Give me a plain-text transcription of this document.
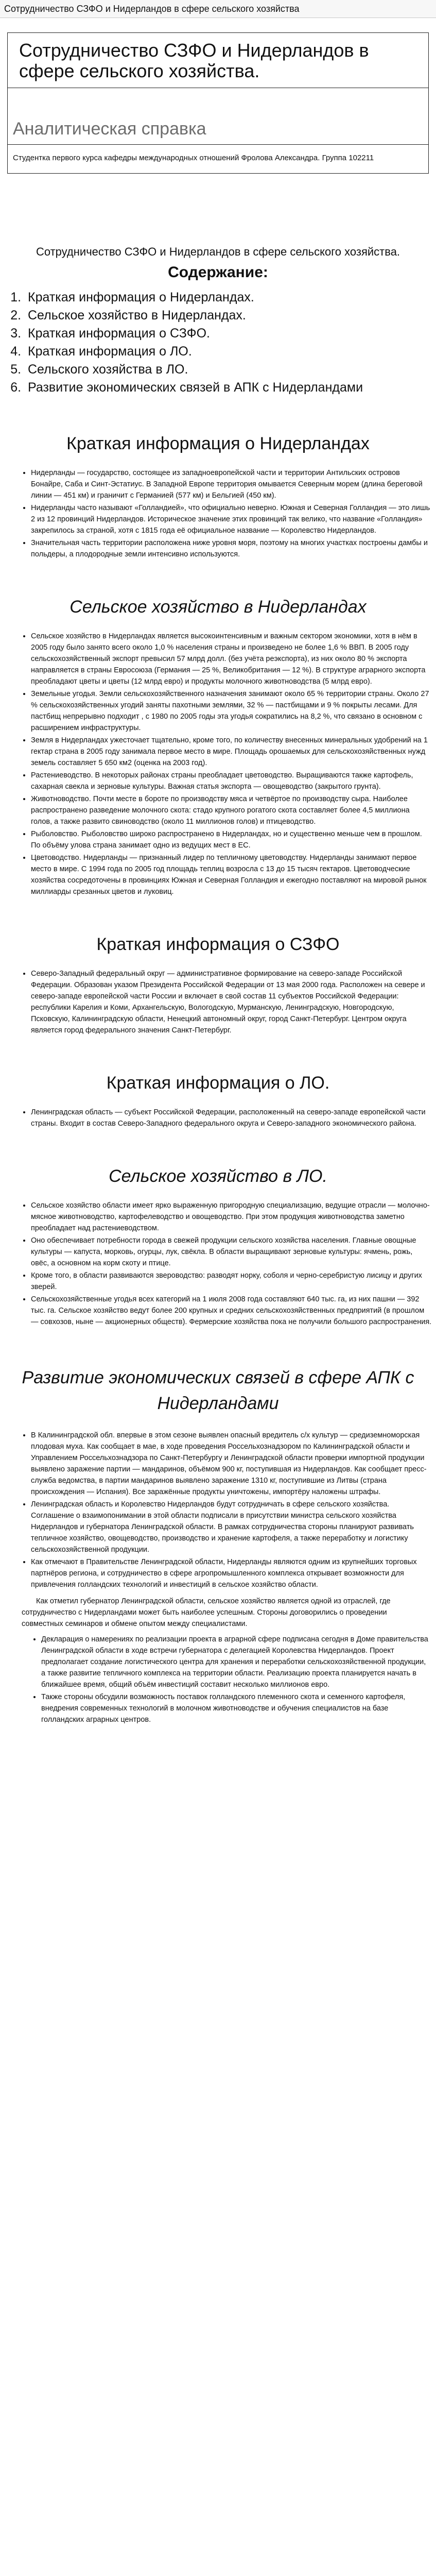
Сотрудничество СЗФО и Нидерландов в сфере сельского хозяйства
Сотрудничество СЗФО и Нидерландов в сфере сельского хозяйства.
Аналитическая справка
Студентка первого курса кафедры международных отношений Фролова Александра. Группа 102211
Сотрудничество СЗФО и Нидерландов в сфере сельского хозяйства.
Содержание:
1. Краткая информация о Нидерландах.
2. Сельское хозяйство в Нидерландах.
3. Краткая информация о СЗФО.
4. Краткая информация о ЛО.
5. Сельского хозяйства в ЛО.
6. Развитие экономических связей в АПК с Нидерландами
Краткая информация о Нидерландах
• Нидерланды — государство, состоящее из западноевропейской части и территории Антильских островов Бонайре, Саба и Синт-Эстатиус. В Западной Европе территория омывается Северным морем (длина береговой линии — 451 км) и граничит с Германией (577 км) и Бельгией (450 км).
• Нидерланды часто называют «Голландией», что официально неверно. Южная и Северная Голландия — это лишь 2 из 12 провинций Нидерландов. Историческое значение этих провинций так велико, что название «Голландия» закрепилось за страной, хотя с 1815 года её официальное название — Королевство Нидерландов.
• Значительная часть территории расположена ниже уровня моря, поэтому на многих участках построены дамбы и польдеры, а плодородные земли интенсивно используются.
Сельское хозяйство в Нидерландах
• Сельское хозяйство в Нидерландах является высокоинтенсивным и важным сектором экономики, хотя в нём в 2005 году было занято всего около 1,0 % населения страны и произведено не более 1,6 % ВВП. В 2005 году сельскохозяйственный экспорт превысил 57 млрд долл. (без учёта реэкспорта), из них около 80 % экспорта направляется в страны Евросоюза (Германия — 25 %, Великобритания — 12 %). В структуре аграрного экспорта преобладают цветы и цветы (12 млрд евро) и продукты молочного животноводства (5 млрд евро).
• Земельные угодья. Земли сельскохозяйственного назначения занимают около 65 % территории страны. Около 27 % сельскохозяйственных угодий заняты пахотными землями, 32 % — пастбищами и 9 % покрыты лесами. Для пастбищ непрерывно подходит , с 1980 по 2005 годы эта угодья сократились на 8,2 %, что связано в основном с расширением инфраструктуры.
• Земля в Нидерландах ужесточает тщательно, кроме того, по количеству внесенных минеральных удобрений на 1 гектар страна в 2005 году занимала первое место в мире. Площадь орошаемых для сельскохозяйственных нужд земель составляет 5 650 км2 (оценка на 2003 год).
• Растениеводство. В некоторых районах страны преобладает цветоводство. Выращиваются также картофель, сахарная свекла и зерновые культуры. Важная статья экспорта — овощеводство (закрытого грунта).
• Животноводство. Почти месте в бороте по производству мяса и четвёртое по производству сыра. Наиболее распространено разведение молочного скота: стадо крупного рогатого скота составляет более 4,5 миллиона голов, а также развито свиноводство (около 11 миллионов голов) и птицеводство.
• Рыболовство. Рыболовство широко распространено в Нидерландах, но и существенно меньше чем в прошлом. По объёму улова страна занимает одно из ведущих мест в ЕС.
• Цветоводство. Нидерланды — признанный лидер по тепличному цветоводству. Нидерланды занимают первое место в мире. С 1994 года по 2005 год площадь теплиц возросла с 13 до 15 тысяч гектаров. Цветоводческие хозяйства сосредоточены в провинциях Южная и Северная Голландия и ежегодно поставляют на мировой рынок миллиарды срезанных цветов и луковиц.
Краткая информация о СЗФО
• Северо-Западный федеральный округ — административное формирование на северо-западе Российской Федерации. Образован указом Президента Российской Федерации от 13 мая 2000 года. Расположен на севере и северо-западе европейской части России и включает в свой состав 11 субъектов Российской Федерации: республики Карелия и Коми, Архангельскую, Вологодскую, Мурманскую, Ленинградскую, Новгородскую, Псковскую, Калининградскую области, Ненецкий автономный округ, город Санкт-Петербург. Центром округа является город федерального значения Санкт-Петербург.
Краткая информация о ЛО.
• Ленинградская область — субъект Российской Федерации, расположенный на северо-западе европейской части страны. Входит в состав Северо-Западного федерального округа и Северо-западного экономического района.
Сельское хозяйство в ЛО.
• Сельское хозяйство области имеет ярко выраженную пригородную специализацию, ведущие отрасли — молочно-мясное животноводство, картофелеводство и овощеводство. При этом продукция животноводства заметно преобладает над растениеводством.
• Оно обеспечивает потребности города в свежей продукции сельского хозяйства населения. Главные овощные культуры — капуста, морковь, огурцы, лук, свёкла. В области выращивают зерновые культуры: ячмень, рожь, овёс, а основном на корм скоту и птице.
• Кроме того, в области развиваются звероводство: разводят норку, соболя и черно-серебристую лисицу и других зверей.
• Сельскохозяйственные угодья всех категорий на 1 июля 2008 года составляют 640 тыс. га, из них пашни — 392 тыс. га. Сельское хозяйство ведут более 200 крупных и средних сельскохозяйственных предприятий (в прошлом — совхозов, ныне — акционерных обществ). Фермерские хозяйства пока не получили большого распространения.
Развитие экономических связей в сфере АПК с Нидерландами
• В Калининградской обл. впервые в этом сезоне выявлен опасный вредитель с/х культур — средиземноморская плодовая муха. Как сообщает в мае, в ходе проведения Россельхознадзором по Калининградской области и Управлением Россельхознадзора по Санкт-Петербургу и Ленинградской области проверки импортной продукции выявлено заражение партии — мандаринов, объёмом 900 кг, поступившая из Нидерландов. Как сообщает пресс-служба ведомства, в партии мандаринов выявлено заражение 1310 кг, поступившие из Литвы (страна происхождения — Испания). Все заражённые продукты уничтожены, импортёру наложены штрафы.
• Ленинградская область и Королевство Нидерландов будут сотрудничать в сфере сельского хозяйства. Соглашение о взаимопонимании в этой области подписали в присутствии министра сельского хозяйства Нидерландов и губернатора Ленинградской области. В рамках сотрудничества стороны планируют развивать тепличное хозяйство, овощеводство, производство и хранение картофеля, а также переработку и логистику сельскохозяйственной продукции.
• Как отмечают в Правительстве Ленинградской области, Нидерланды являются одним из крупнейших торговых партнёров региона, и сотрудничество в сфере агропромышленного комплекса открывает возможности для привлечения голландских технологий и инвестиций в сельское хозяйство области.

Как отметил губернатор Ленинградской области, сельское хозяйство является одной из отраслей, где сотрудничество с Нидерландами может быть наиболее успешным. Стороны договорились о проведении совместных семинаров и обмене опытом между специалистами.

• Декларация о намерениях по реализации проекта в аграрной сфере подписана сегодня в Доме правительства Ленинградской области в ходе встречи губернатора с делегацией Королевства Нидерландов. Проект предполагает создание логистического центра для хранения и переработки сельскохозяйственной продукции, а также развитие тепличного комплекса на территории области. Реализацию проекта планируется начать в ближайшее время, общий объём инвестиций составит несколько миллионов евро.
• Также стороны обсудили возможность поставок голландского племенного скота и семенного картофеля, внедрения современных технологий в молочном животноводстве и обучения специалистов на базе голландских аграрных центров.
